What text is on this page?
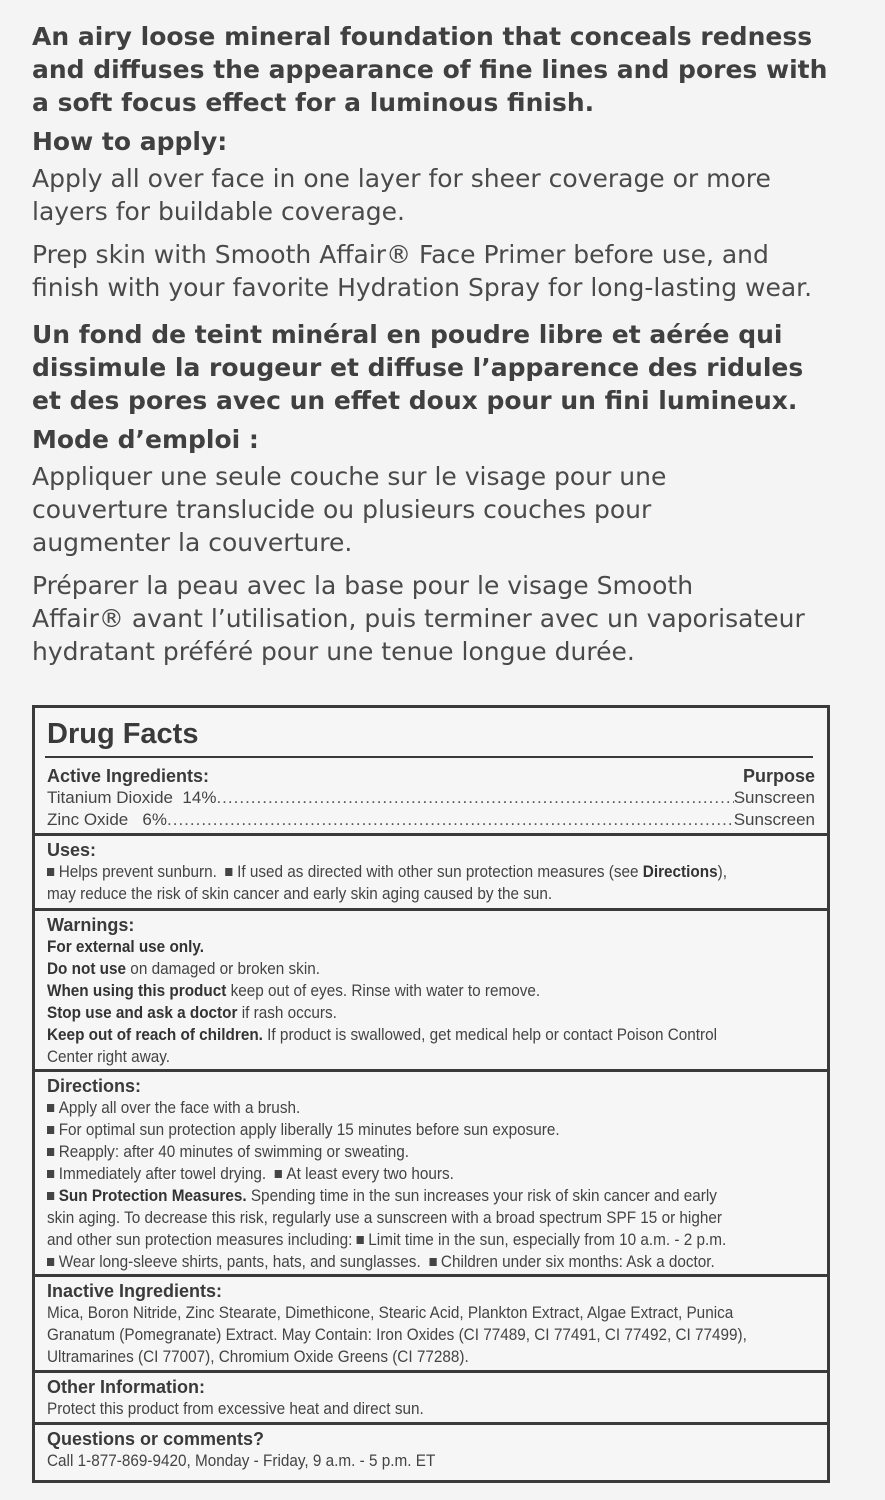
An airy loose mineral foundation that conceals redness
and diffuses the appearance of fine lines and pores with
a soft focus effect for a luminous finish.

How to apply:

Apply all over face in one layer for sheer coverage or more
layers for buildable coverage.

Prep skin with Smooth Affair® Face Primer before use, and
finish with your favorite Hydration Spray for long-lasting wear.

Un fond de teint minéral en poudre libre et aérée qui
dissimule la rougeur et diffuse l’apparence des ridules
et des pores avec un effet doux pour un fini lumineux.

Mode d’emploi :

Appliquer une seule couche sur le visage pour une
couverture translucide ou plusieurs couches pour
augmenter la couverture.

Préparer la peau avec la base pour le visage Smooth
Affair® avant l’utilisation, puis terminer avec un vaporisateur
hydratant préféré pour une tenue longue durée.

Drug Facts
Active Ingredients:	Purpose
Titanium Dioxide  14% .....	Sunscreen
Zinc Oxide   6% .....	Sunscreen
Uses:
Helps prevent sunburn. If used as directed with other sun protection measures (see Directions),
may reduce the risk of skin cancer and early skin aging caused by the sun.
Warnings:
For external use only.
Do not use on damaged or broken skin.
When using this product keep out of eyes. Rinse with water to remove.
Stop use and ask a doctor if rash occurs.
Keep out of reach of children. If product is swallowed, get medical help or contact Poison Control
Center right away.
Directions:
Apply all over the face with a brush.
For optimal sun protection apply liberally 15 minutes before sun exposure.
Reapply: after 40 minutes of swimming or sweating.
Immediately after towel drying. At least every two hours.
Sun Protection Measures. Spending time in the sun increases your risk of skin cancer and early
skin aging. To decrease this risk, regularly use a sunscreen with a broad spectrum SPF 15 or higher
and other sun protection measures including: Limit time in the sun, especially from 10 a.m. - 2 p.m.
Wear long-sleeve shirts, pants, hats, and sunglasses. Children under six months: Ask a doctor.
Inactive Ingredients:
Mica, Boron Nitride, Zinc Stearate, Dimethicone, Stearic Acid, Plankton Extract, Algae Extract, Punica
Granatum (Pomegranate) Extract. May Contain: Iron Oxides (CI 77489, CI 77491, CI 77492, CI 77499),
Ultramarines (CI 77007), Chromium Oxide Greens (CI 77288).
Other Information:
Protect this product from excessive heat and direct sun.
Questions or comments?
Call 1-877-869-9420, Monday - Friday, 9 a.m. - 5 p.m. ET
